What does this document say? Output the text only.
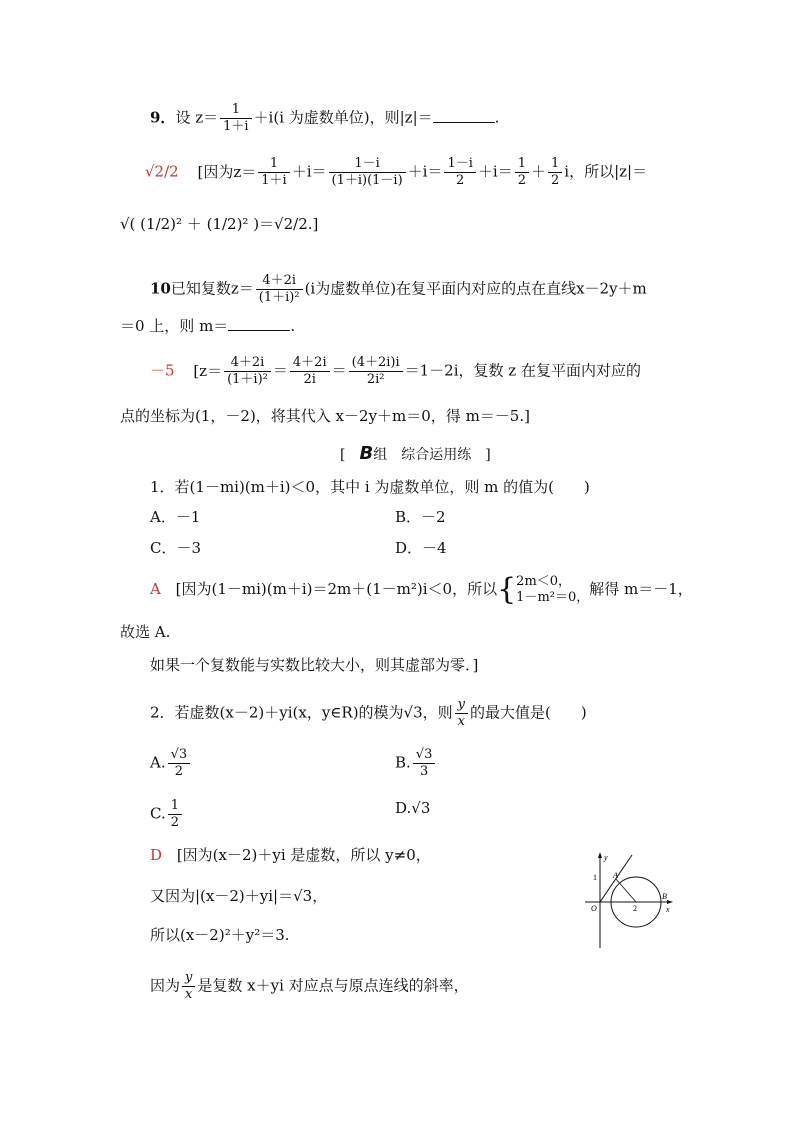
9．设 $z= \frac{1}{1+i} +i(i$ 为虚数单位)，则|z|＝	.
√2/2 [因为$z= \frac{1}{1+i} +i= \frac{1-i}{(1+i)(1-i)} +i= \frac{1-i}{2} +i= \frac{1}{2} + \frac{1}{2}$ i，所以|z|＝
√( (1/2)² ＋ (1/2)² )＝√2/2.]
10已知复数$z= \frac{4+2i}{\text{(1＋i)²}} (i$为虚数单位)在复平面内对应的点在直线x－2y＋m
＝0 上，则 m＝	.
－5 [$z= \frac{4+2i}{\text{(1＋i)²}} = \frac{4+2i}{2i} = \frac{(4+2i)i}{\text{2i²}} =1-2i$，复数 z 在复平面内对应的
点的坐标为(1，－2)，将其代入 x－2y＋m＝0，得 m＝－5.]
[　B组　综合运用练　]
1．若(1－mi)(m＋i)＜0，其中 i 为虚数单位，则 m 的值为(　　)
A．－1	B．－2
C．－3	D．－4
A [因为(1－mi)(m＋i)＝2m＋(1－m²)i＜0，所以{ 2m＜0，
1－m²＝0， 解得 m＝－1，
故选 A.
如果一个复数能与实数比较大小，则其虚部为零．]
2．若虚数(x－2)＋yi(x，y∈R)的模为√3，则 $\frac{y}{x}$ 的最大值是(　　)
A. $\frac{√3}{2}$	B. $\frac{√3}{3}$
C. $\frac{1}{2}$	D.√3
D [因为(x－2)＋yi 是虚数，所以 y≠0，
又因为|(x－2)＋yi|＝√3，
所以(x－2)²＋y²＝3.
因为 $\frac{y}{x}$ 是复数 x＋yi 对应点与原点连线的斜率，
y
x
O
1 A
2
B
